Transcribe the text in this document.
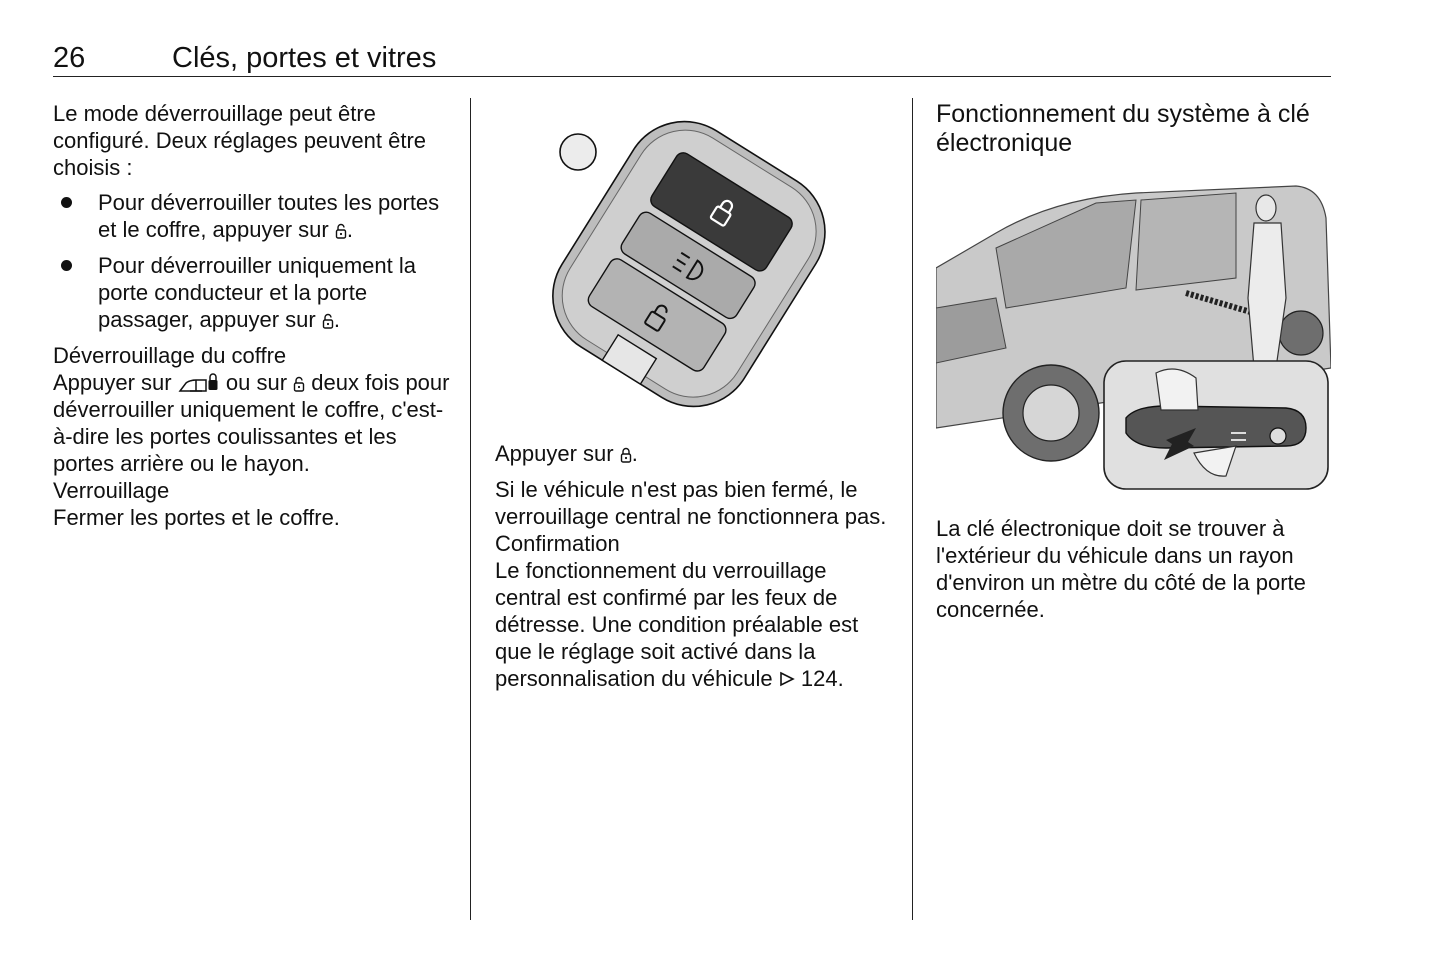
26	Clés, portes et vitres

Le mode déverrouillage peut être configuré. Deux réglages peuvent être choisis :

Pour déverrouiller toutes les portes et le coffre, appuyer sur .
Pour déverrouiller uniquement la porte conducteur et la porte passager, appuyer sur .

Déverrouillage du coffre

Appuyer sur ou sur deux fois pour déverrouiller uniquement le coffre, c'est-à-dire les portes coulissantes et les portes arrière ou le hayon.

Verrouillage

Fermer les portes et le coffre.

Appuyer sur .

Si le véhicule n'est pas bien fermé, le verrouillage central ne fonctionnera pas.

Confirmation

Le fonctionnement du verrouillage central est confirmé par les feux de détresse. Une condition préalable est que le réglage soit activé dans la personnalisation du véhicule 124.

Fonctionnement du système à clé électronique

La clé électronique doit se trouver à l'extérieur du véhicule dans un rayon d'environ un mètre du côté de la porte concernée.
